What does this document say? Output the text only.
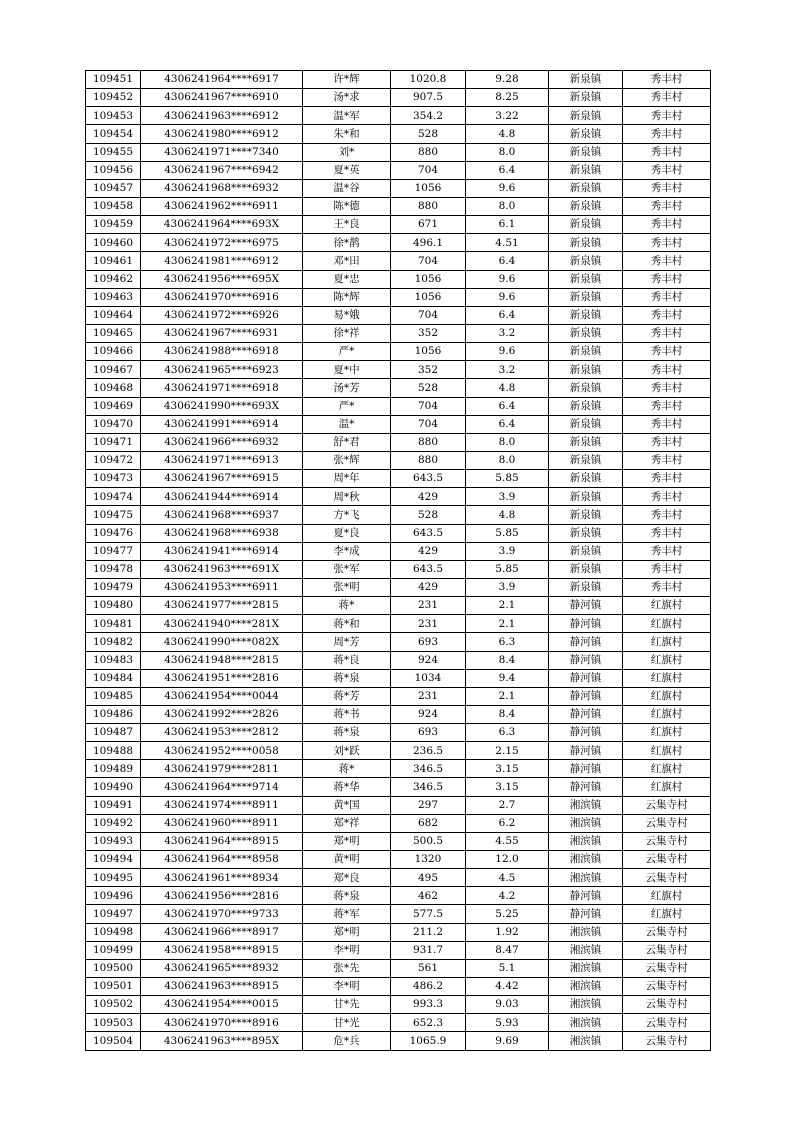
109451	4306241964****6917	许*辉	1020.8	9.28	新泉镇	秀丰村
109452	4306241967****6910	汤*求	907.5	8.25	新泉镇	秀丰村
109453	4306241963****6912	温*军	354.2	3.22	新泉镇	秀丰村
109454	4306241980****6912	朱*和	528	4.8	新泉镇	秀丰村
109455	4306241971****7340	刘*	880	8.0	新泉镇	秀丰村
109456	4306241967****6942	夏*英	704	6.4	新泉镇	秀丰村
109457	4306241968****6932	温*谷	1056	9.6	新泉镇	秀丰村
109458	4306241962****6911	陈*德	880	8.0	新泉镇	秀丰村
109459	4306241964****693X	王*良	671	6.1	新泉镇	秀丰村
109460	4306241972****6975	徐*鹊	496.1	4.51	新泉镇	秀丰村
109461	4306241981****6912	邓*田	704	6.4	新泉镇	秀丰村
109462	4306241956****695X	夏*忠	1056	9.6	新泉镇	秀丰村
109463	4306241970****6916	陈*辉	1056	9.6	新泉镇	秀丰村
109464	4306241972****6926	易*娥	704	6.4	新泉镇	秀丰村
109465	4306241967****6931	徐*祥	352	3.2	新泉镇	秀丰村
109466	4306241988****6918	严*	1056	9.6	新泉镇	秀丰村
109467	4306241965****6923	夏*中	352	3.2	新泉镇	秀丰村
109468	4306241971****6918	汤*芳	528	4.8	新泉镇	秀丰村
109469	4306241990****693X	严*	704	6.4	新泉镇	秀丰村
109470	4306241991****6914	温*	704	6.4	新泉镇	秀丰村
109471	4306241966****6932	舒*君	880	8.0	新泉镇	秀丰村
109472	4306241971****6913	张*辉	880	8.0	新泉镇	秀丰村
109473	4306241967****6915	周*年	643.5	5.85	新泉镇	秀丰村
109474	4306241944****6914	周*秋	429	3.9	新泉镇	秀丰村
109475	4306241968****6937	方*飞	528	4.8	新泉镇	秀丰村
109476	4306241968****6938	夏*良	643.5	5.85	新泉镇	秀丰村
109477	4306241941****6914	李*成	429	3.9	新泉镇	秀丰村
109478	4306241963****691X	张*军	643.5	5.85	新泉镇	秀丰村
109479	4306241953****6911	张*明	429	3.9	新泉镇	秀丰村
109480	4306241977****2815	蒋*	231	2.1	静河镇	红旗村
109481	4306241940****281X	蒋*和	231	2.1	静河镇	红旗村
109482	4306241990****082X	周*芳	693	6.3	静河镇	红旗村
109483	4306241948****2815	蒋*良	924	8.4	静河镇	红旗村
109484	4306241951****2816	蒋*泉	1034	9.4	静河镇	红旗村
109485	4306241954****0044	蒋*芳	231	2.1	静河镇	红旗村
109486	4306241992****2826	蒋*书	924	8.4	静河镇	红旗村
109487	4306241953****2812	蒋*泉	693	6.3	静河镇	红旗村
109488	4306241952****0058	刘*跃	236.5	2.15	静河镇	红旗村
109489	4306241979****2811	蒋*	346.5	3.15	静河镇	红旗村
109490	4306241964****9714	蒋*华	346.5	3.15	静河镇	红旗村
109491	4306241974****8911	黄*国	297	2.7	湘滨镇	云集寺村
109492	4306241960****8911	郑*祥	682	6.2	湘滨镇	云集寺村
109493	4306241964****8915	郑*明	500.5	4.55	湘滨镇	云集寺村
109494	4306241964****8958	黄*明	1320	12.0	湘滨镇	云集寺村
109495	4306241961****8934	郑*良	495	4.5	湘滨镇	云集寺村
109496	4306241956****2816	蒋*泉	462	4.2	静河镇	红旗村
109497	4306241970****9733	蒋*军	577.5	5.25	静河镇	红旗村
109498	4306241966****8917	郑*明	211.2	1.92	湘滨镇	云集寺村
109499	4306241958****8915	李*明	931.7	8.47	湘滨镇	云集寺村
109500	4306241965****8932	张*先	561	5.1	湘滨镇	云集寺村
109501	4306241963****8915	李*明	486.2	4.42	湘滨镇	云集寺村
109502	4306241954****0015	甘*先	993.3	9.03	湘滨镇	云集寺村
109503	4306241970****8916	甘*光	652.3	5.93	湘滨镇	云集寺村
109504	4306241963****895X	危*兵	1065.9	9.69	湘滨镇	云集寺村
